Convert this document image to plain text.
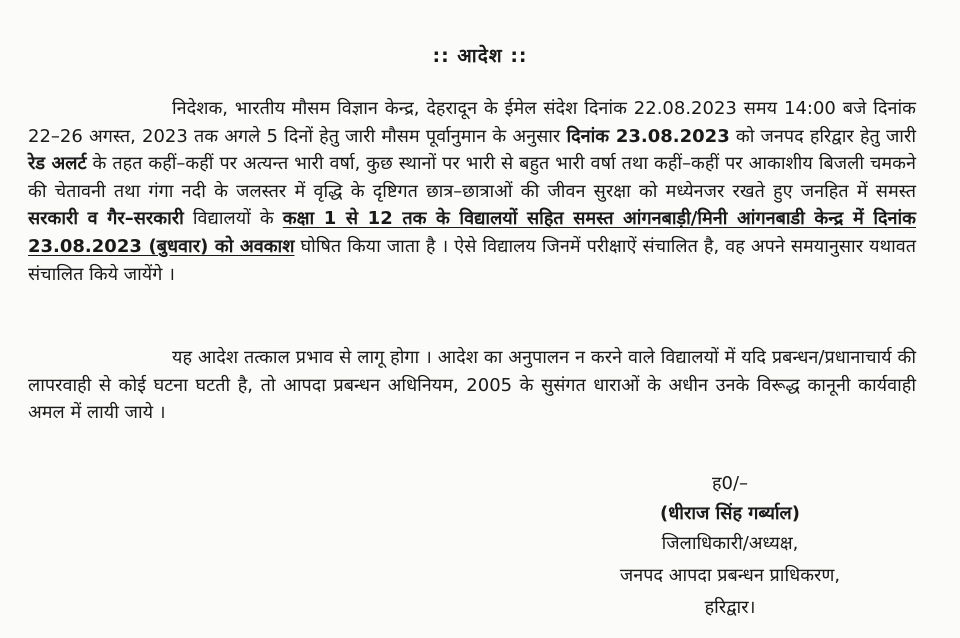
:: आदेश ::

निदेशक, भारतीय मौसम विज्ञान केन्द्र, देहरादून के ईमेल संदेश दिनांक 22.08.2023 समय 14:00 बजे दिनांक 22–26 अगस्त, 2023 तक अगले 5 दिनों हेतु जारी मौसम पूर्वानुमान के अनुसार दिनांक 23.08.2023 को जनपद हरिद्वार हेतु जारी रेड अलर्ट के तहत कहीं–कहीं पर अत्यन्त भारी वर्षा, कुछ स्थानों पर भारी से बहुत भारी वर्षा तथा कहीं–कहीं पर आकाशीय बिजली चमकने की चेतावनी तथा गंगा नदी के जलस्तर में वृद्धि के दृष्टिगत छात्र–छात्राओं की जीवन सुरक्षा को मध्येनजर रखते हुए जनहित में समस्त सरकारी व गैर–सरकारी विद्यालयों के कक्षा 1 से 12 तक के विद्यालयों सहित समस्त आंगनबाड़ी/मिनी आंगनबाडी केन्द्र में दिनांक 23.08.2023 (बुधवार) को अवकाश घोषित किया जाता है । ऐसे विद्यालय जिनमें परीक्षाऐं संचालित है, वह अपने समयानुसार यथावत संचालित किये जायेंगे ।

यह आदेश तत्काल प्रभाव से लागू होगा । आदेश का अनुपालन न करने वाले विद्यालयों में यदि प्रबन्धन/प्रधानाचार्य की लापरवाही से कोई घटना घटती है, तो आपदा प्रबन्धन अधिनियम, 2005 के सुसंगत धाराओं के अधीन उनके विरूद्ध कानूनी कार्यवाही अमल में लायी जाये ।

ह0/–
(धीराज सिंह गर्ब्याल)
जिलाधिकारी/अध्यक्ष,
जनपद आपदा प्रबन्धन प्राधिकरण,
हरिद्वार।
